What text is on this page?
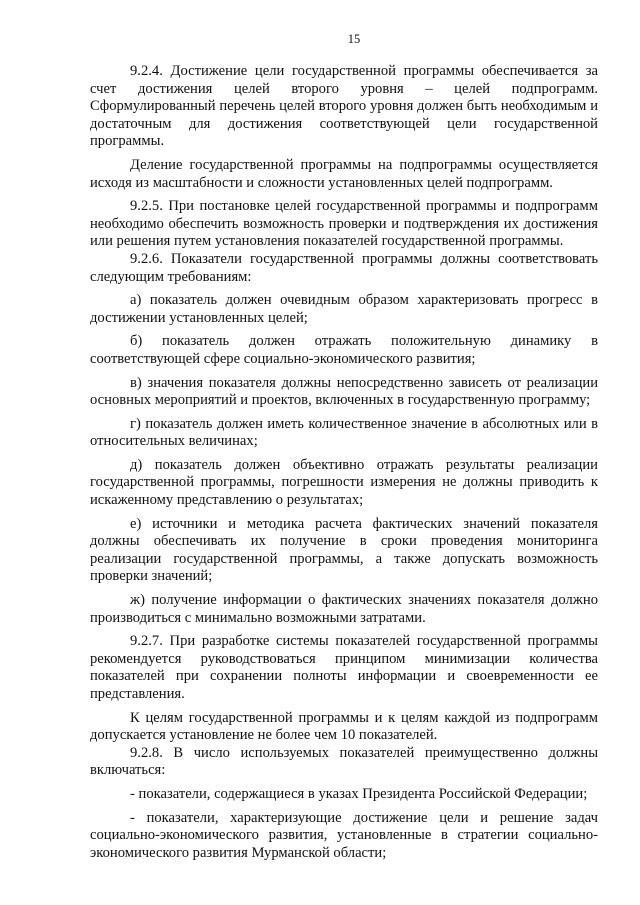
15

9.2.4. Достижение цели государственной программы обеспечивается за счет достижения целей второго уровня – целей подпрограмм. Сформулированный перечень целей второго уровня должен быть необходимым и достаточным для достижения соответствующей цели государственной программы.

Деление государственной программы на подпрограммы осуществляется исходя из масштабности и сложности установленных целей подпрограмм.

9.2.5. При постановке целей государственной программы и подпрограмм необходимо обеспечить возможность проверки и подтверждения их достижения или решения путем установления показателей государственной программы.

9.2.6. Показатели государственной программы должны соответствовать следующим требованиям:

а) показатель должен очевидным образом характеризовать прогресс в достижении установленных целей;

б) показатель должен отражать положительную динамику в соответствующей сфере социально-экономического развития;

в) значения показателя должны непосредственно зависеть от реализации основных мероприятий и проектов, включенных в государственную программу;

г) показатель должен иметь количественное значение в абсолютных или в относительных величинах;

д) показатель должен объективно отражать результаты реализации государственной программы, погрешности измерения не должны приводить к искаженному представлению о результатах;

е) источники и методика расчета фактических значений показателя должны обеспечивать их получение в сроки проведения мониторинга реализации государственной программы, а также допускать возможность проверки значений;

ж) получение информации о фактических значениях показателя должно производиться с минимально возможными затратами.

9.2.7. При разработке системы показателей государственной программы рекомендуется руководствоваться принципом минимизации количества показателей при сохранении полноты информации и своевременности ее представления.

К целям государственной программы и к целям каждой из подпрограмм допускается установление не более чем 10 показателей.

9.2.8. В число используемых показателей преимущественно должны включаться:

- показатели, содержащиеся в указах Президента Российской Федерации;

- показатели, характеризующие достижение цели и решение задач социально-экономического развития, установленные в стратегии социально-экономического развития Мурманской области;
